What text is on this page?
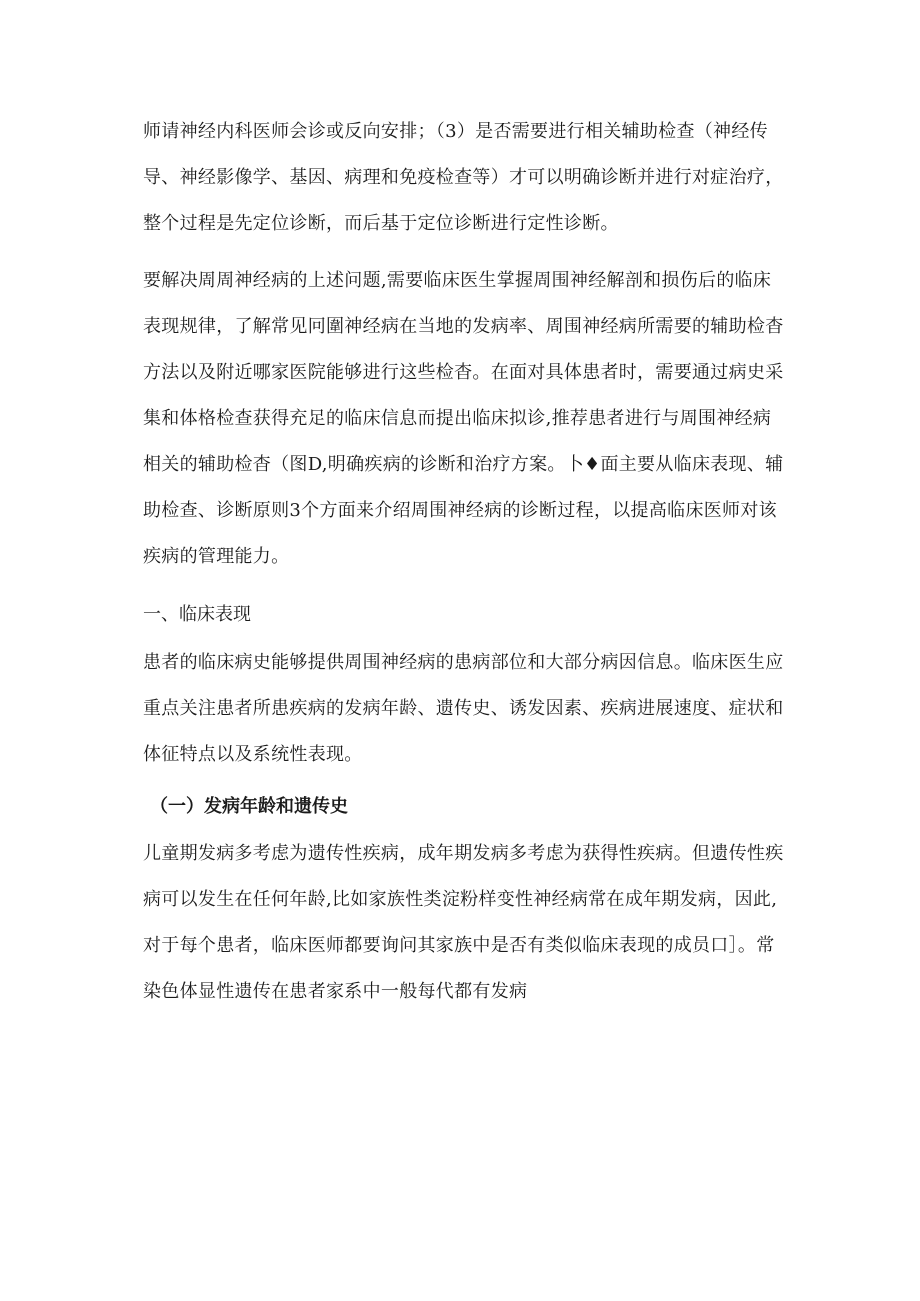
师请神经内科医师会诊或反向安排；（3）是否需要进行相关辅助检查（神经传
导、神经影像学、基因、病理和免疫检查等）才可以明确诊断并进行对症治疗，
整个过程是先定位诊断，而后基于定位诊断进行定性诊断。
要解决周周神经病的上述问题,需要临床医生掌握周围神经解剖和损伤后的临床
表现规律，了解常见冋圍神经病在当地的发病率、周围神经病所需要的辅助检杳
方法以及附近哪家医院能够进行这些检杳。在面对具体患者时，需要通过病史采
集和体格检查获得充足的临床信息而提出临床拟诊,推荐患者进行与周围神经病
相关的辅助检杳（图D,明确疾病的诊断和治疗方案。卜♦面主要从临床表现、辅
助检查、诊断原则3个方面来介绍周围神经病的诊断过程，以提高临床医师对该
疾病的管理能力。
一、临床表现
患者的临床病史能够提供周围神经病的患病部位和大部分病因信息。临床医生应
重点关注患者所患疾病的发病年龄、遗传史、诱发因素、疾病进展速度、症状和
体征特点以及系统性表现。
（一）发病年龄和遗传史
儿童期发病多考虑为遗传性疾病，成年期发病多考虑为获得性疾病。但遗传性疾
病可以发生在任何年龄,比如家族性类淀粉样变性神经病常在成年期发病，因此,
对于每个患者，临床医师都要询问其家族中是否有类似临床表现的成员口］。常
染色体显性遗传在患者家系中一般每代都有发病
